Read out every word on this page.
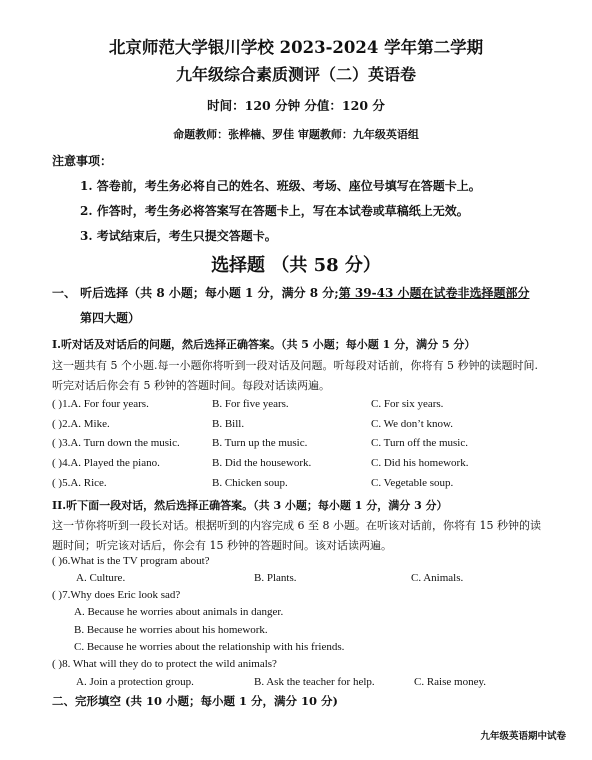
北京师范大学银川学校 2023-2024 学年第二学期
九年级综合素质测评（二）英语卷
时间：120 分钟 分值：120 分
命题教师：张桦楠、罗佳 审题教师：九年级英语组
注意事项：
1. 答卷前，考生务必将自己的姓名、班级、考场、座位号填写在答题卡上。
2. 作答时，考生务必将答案写在答题卡上，写在本试卷或草稿纸上无效。
3. 考试结束后，考生只提交答题卡。
选择题 （共 58 分）
一、 听后选择（共 8 小题；每小题 1 分，满分 8 分;第 39-43 小题在试卷非选择题部分
第四大题）
I.听对话及对话后的问题，然后选择正确答案。（共 5 小题；每小题 1 分，满分 5 分）
这一题共有 5 个小题.每一小题你将听到一段对话及问题。听每段对话前，你将有 5 秒钟的读题时间.
听完对话后你会有 5 秒钟的答题时间。每段对话读两遍。
( )1.A. For four years.	B. For five years.	C. For six years.
( )2.A. Mike.	B. Bill.	C. We don’t know.
( )3.A. Turn down the music.	B. Turn up the music.	C. Turn off the music.
( )4.A. Played the piano.	B. Did the housework.	C. Did his homework.
( )5.A. Rice.	B. Chicken soup.	C. Vegetable soup.
II.听下面一段对话，然后选择正确答案。（共 3 小题；每小题 1 分，满分 3 分）
这一节你将听到一段长对话。根据听到的内容完成 6 至 8 小题。在听该对话前，你将有 15 秒钟的读
题时间；听完该对话后，你会有 15 秒钟的答题时间。该对话读两遍。
( )6.What is the TV program about?
A. Culture.	B. Plants.	C. Animals.
( )7.Why does Eric look sad?
A. Because he worries about animals in danger.
B. Because he worries about his homework.
C. Because he worries about the relationship with his friends.
( )8. What will they do to protect the wild animals?
A. Join a protection group.	B. Ask the teacher for help.	C. Raise money.
二、完形填空 (共 10 小题；每小题 1 分，满分 10 分)
九年级英语期中试卷
